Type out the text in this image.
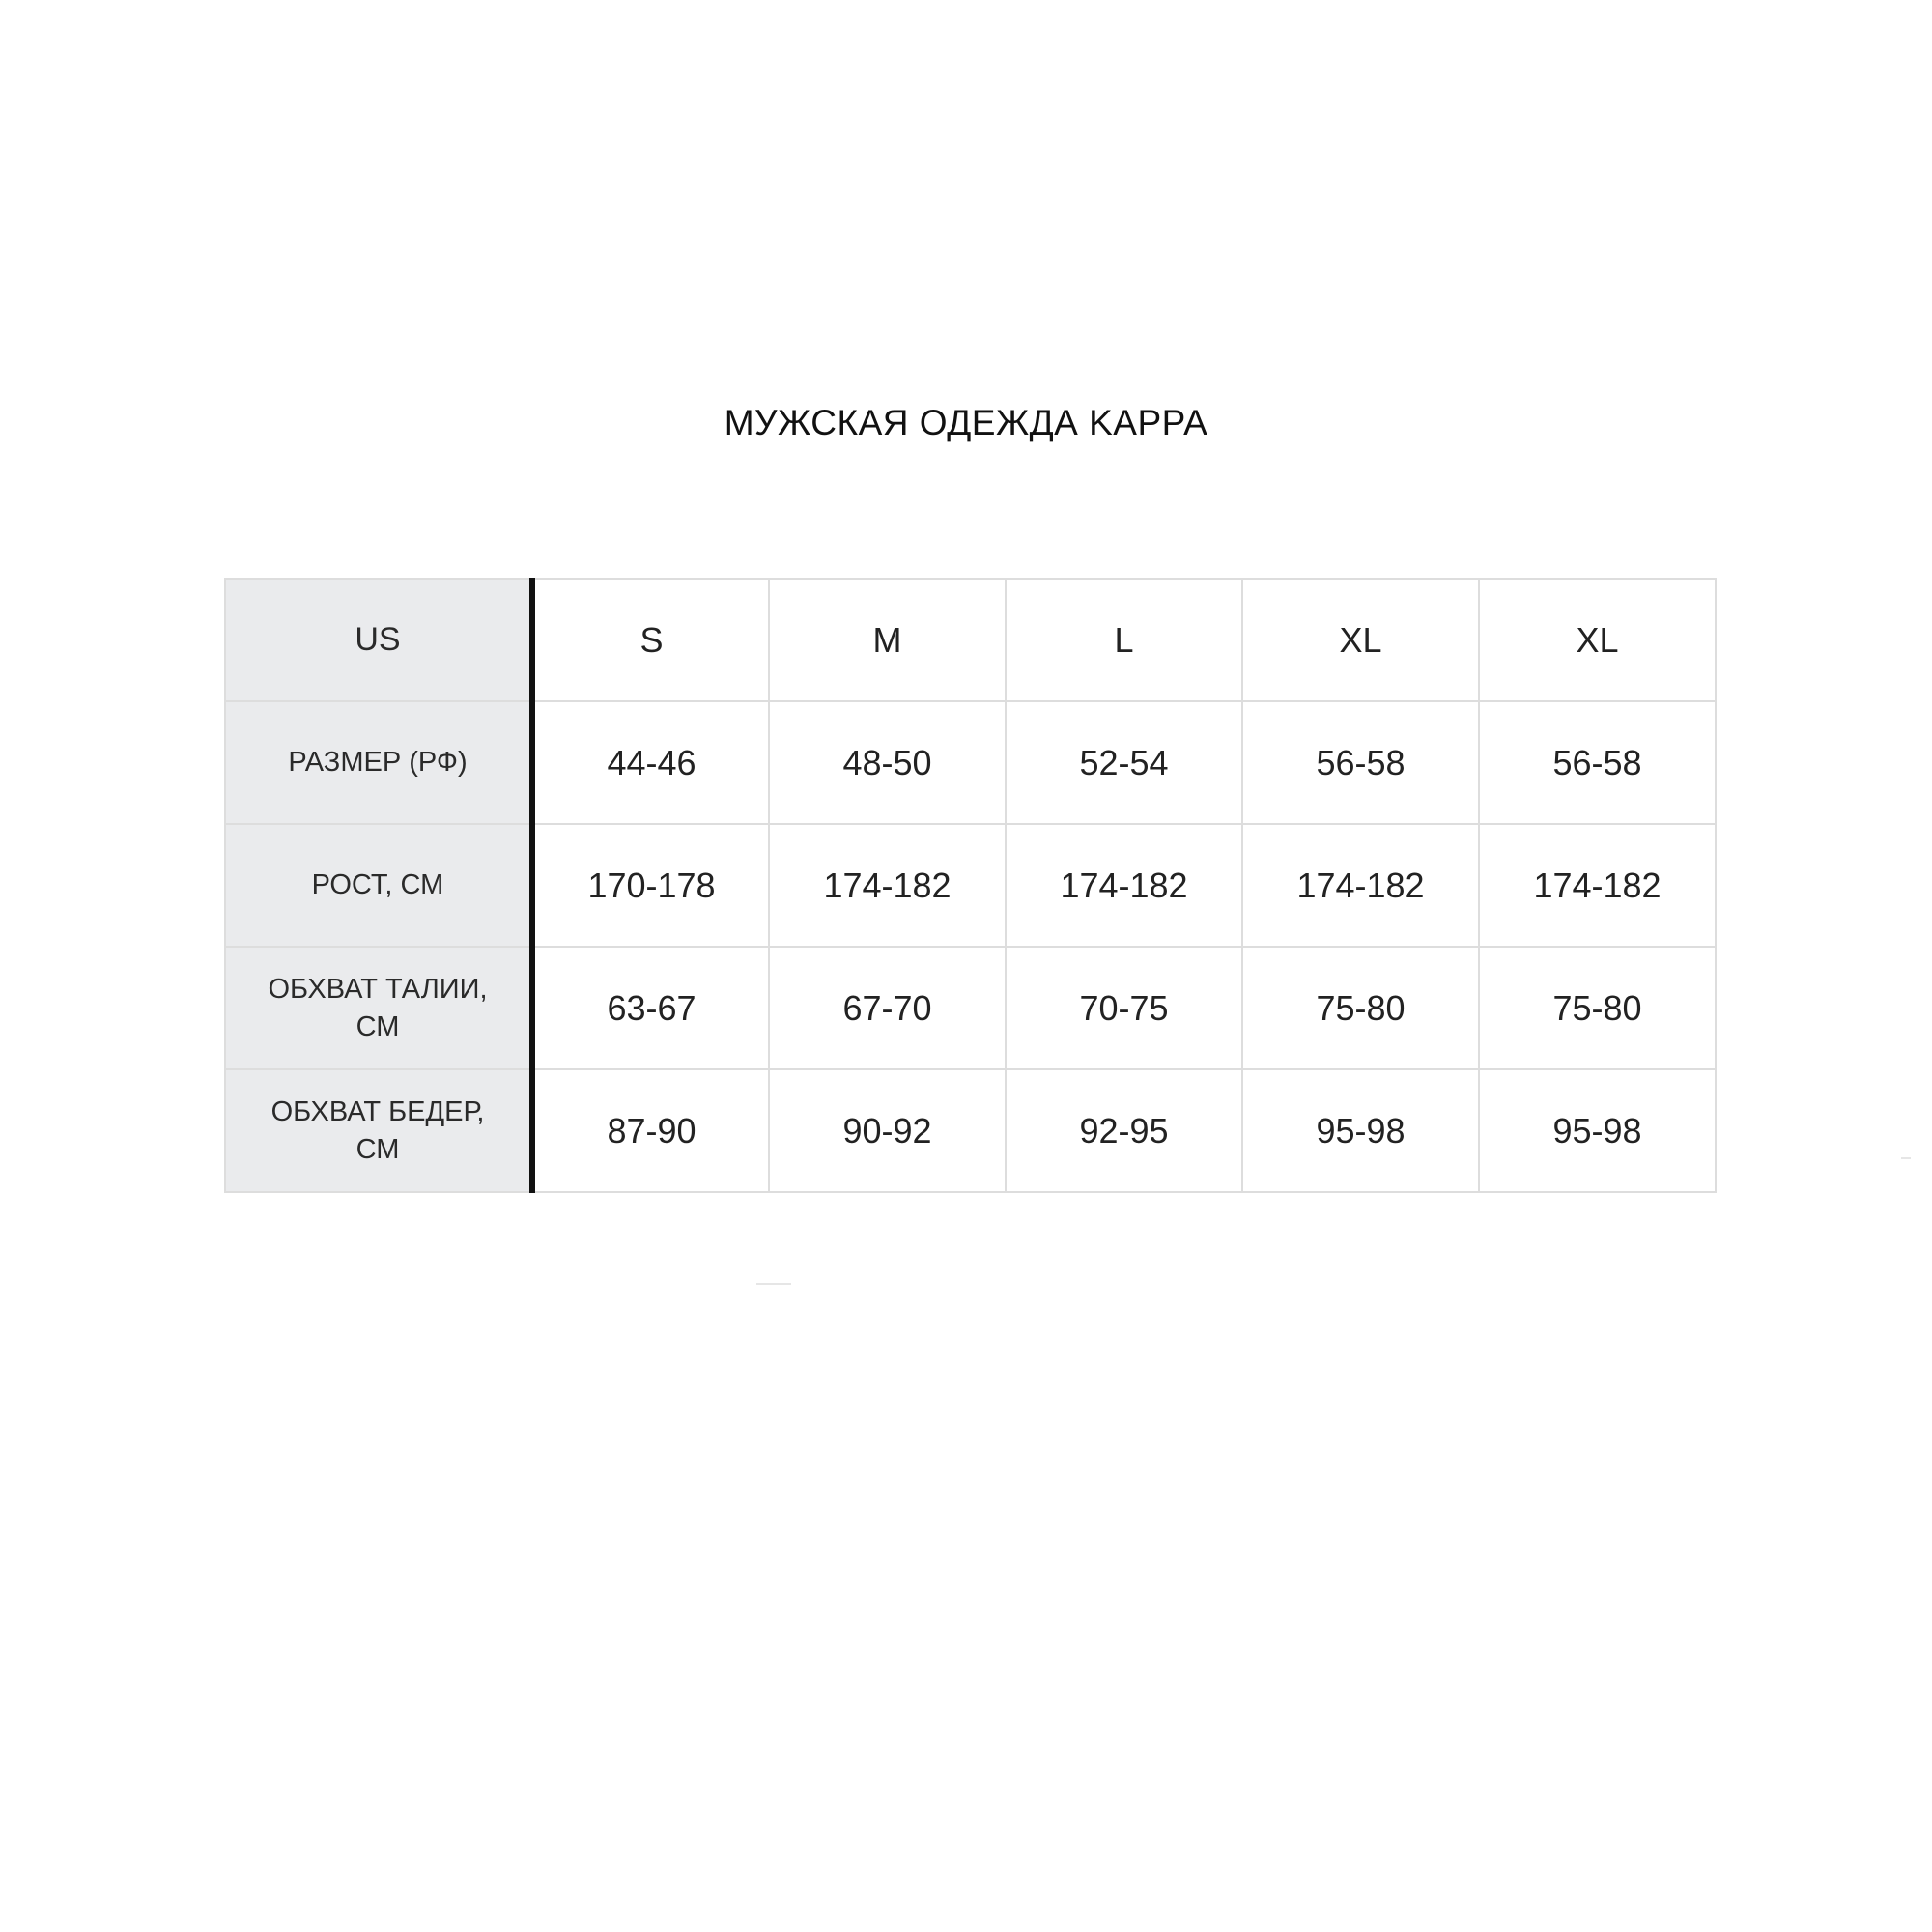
МУЖСКАЯ ОДЕЖДА KAPPA
US	S	M	L	XL	XL
РАЗМЕР (РФ)	44-46	48-50	52-54	56-58	56-58
РОСТ, СМ	170-178	174-182	174-182	174-182	174-182
ОБХВАТ ТАЛИИ,
СМ	63-67	67-70	70-75	75-80	75-80
ОБХВАТ БЕДЕР,
СМ	87-90	90-92	92-95	95-98	95-98
